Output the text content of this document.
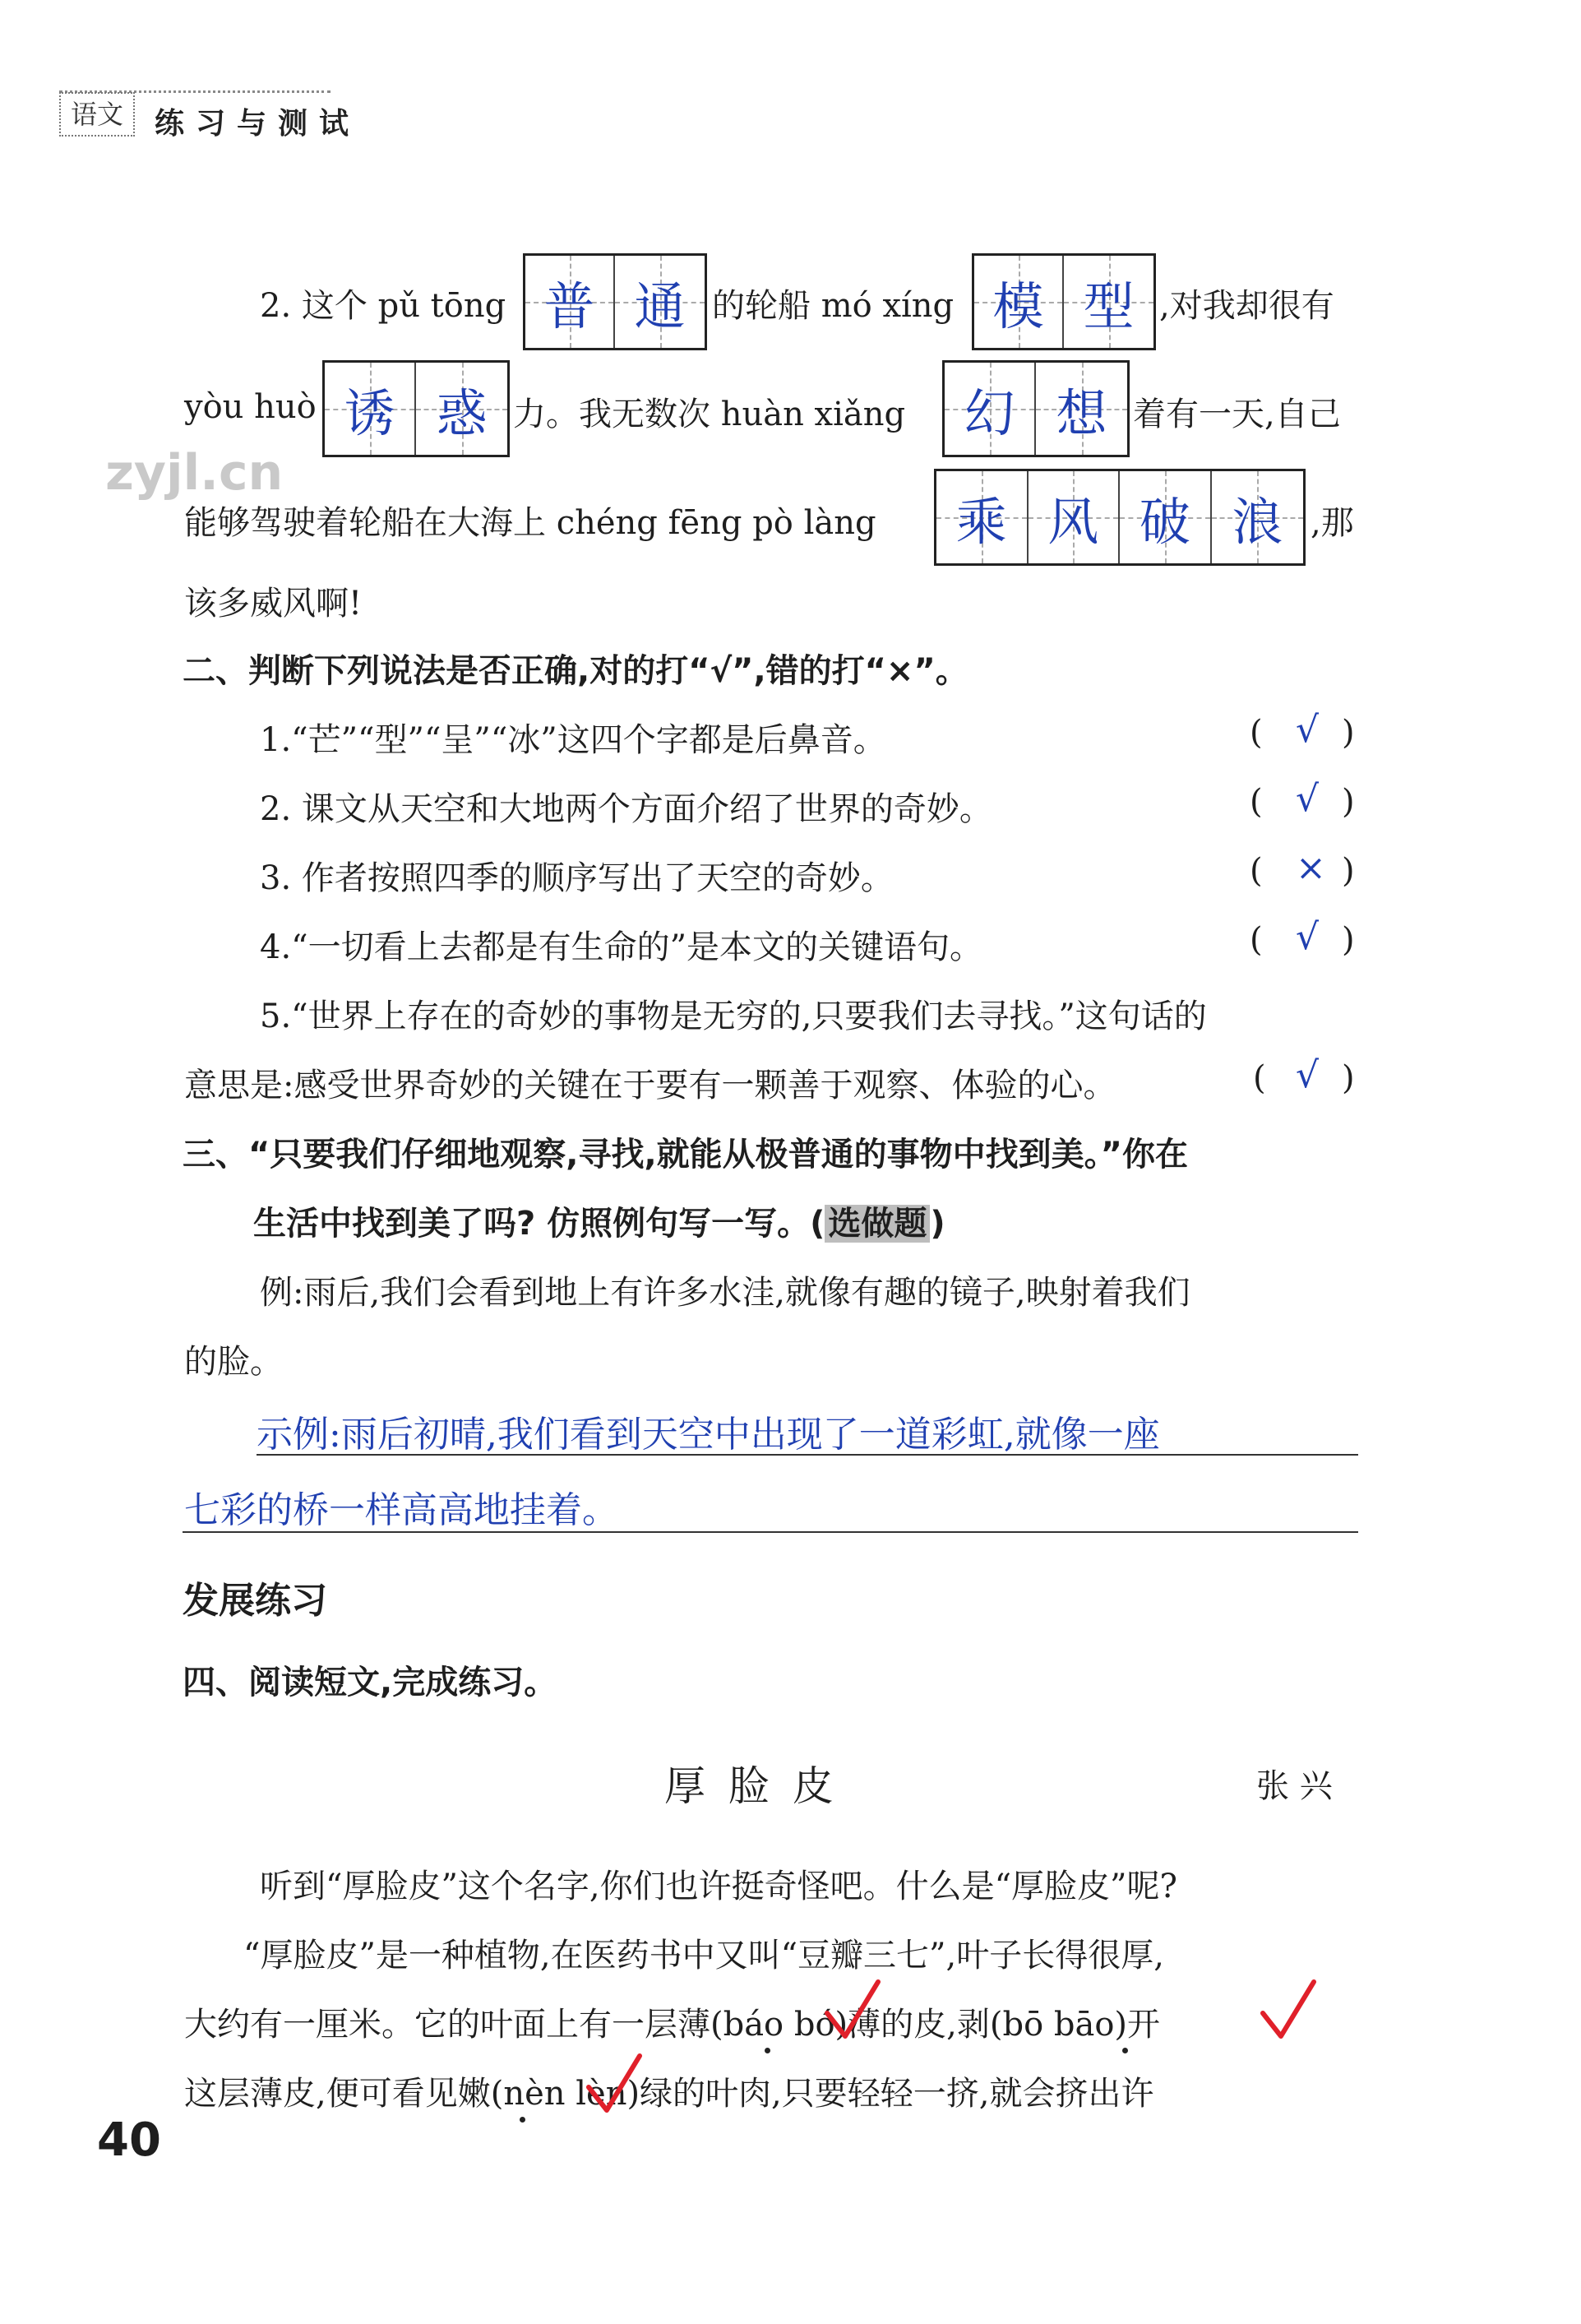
语文	练习与测试
zyjl.cn
2. 这个 pǔ tōng 普 通 的轮船 mó xíng 模 型 ,对我却很有
yòu huò 诱 惑 力。我无数次 huàn xiǎng 幻 想 着有一天,自己
能够驾驶着轮船在大海上 chéng fēng pò làng 乘 风 破 浪 ,那
该多威风啊!
二、判断下列说法是否正确,对的打“√”,错的打“×”。
1.“芒”“型”“呈”“冰”这四个字都是后鼻音。	( √ )
2. 课文从天空和大地两个方面介绍了世界的奇妙。	( √ )
3. 作者按照四季的顺序写出了天空的奇妙。	( × )
4.“一切看上去都是有生命的”是本文的关键语句。	( √ )
5.“世界上存在的奇妙的事物是无穷的,只要我们去寻找。”这句话的
意思是:感受世界奇妙的关键在于要有一颗善于观察、体验的心。	( √ )
三、“只要我们仔细地观察,寻找,就能从极普通的事物中找到美。”你在
生活中找到美了吗? 仿照例句写一写。( 选做题 )
例:雨后,我们会看到地上有许多水洼,就像有趣的镜子,映射着我们
的脸。
示例:雨后初晴,我们看到天空中出现了一道彩虹,就像一座
七彩的桥一样高高地挂着。
发展练习
四、阅读短文,完成练习。
厚 脸 皮	张 兴
听到“厚脸皮”这个名字,你们也许挺奇怪吧。什么是“厚脸皮”呢?
“厚脸皮”是一种植物,在医药书中又叫“豆瓣三七”,叶子长得很厚,
大约有一厘米。它的叶面上有一层薄(báo bó)薄的皮,剥(bō bāo)开
这层薄皮,便可看见嫩(nèn lèn)绿的叶肉,只要轻轻一挤,就会挤出许
40
